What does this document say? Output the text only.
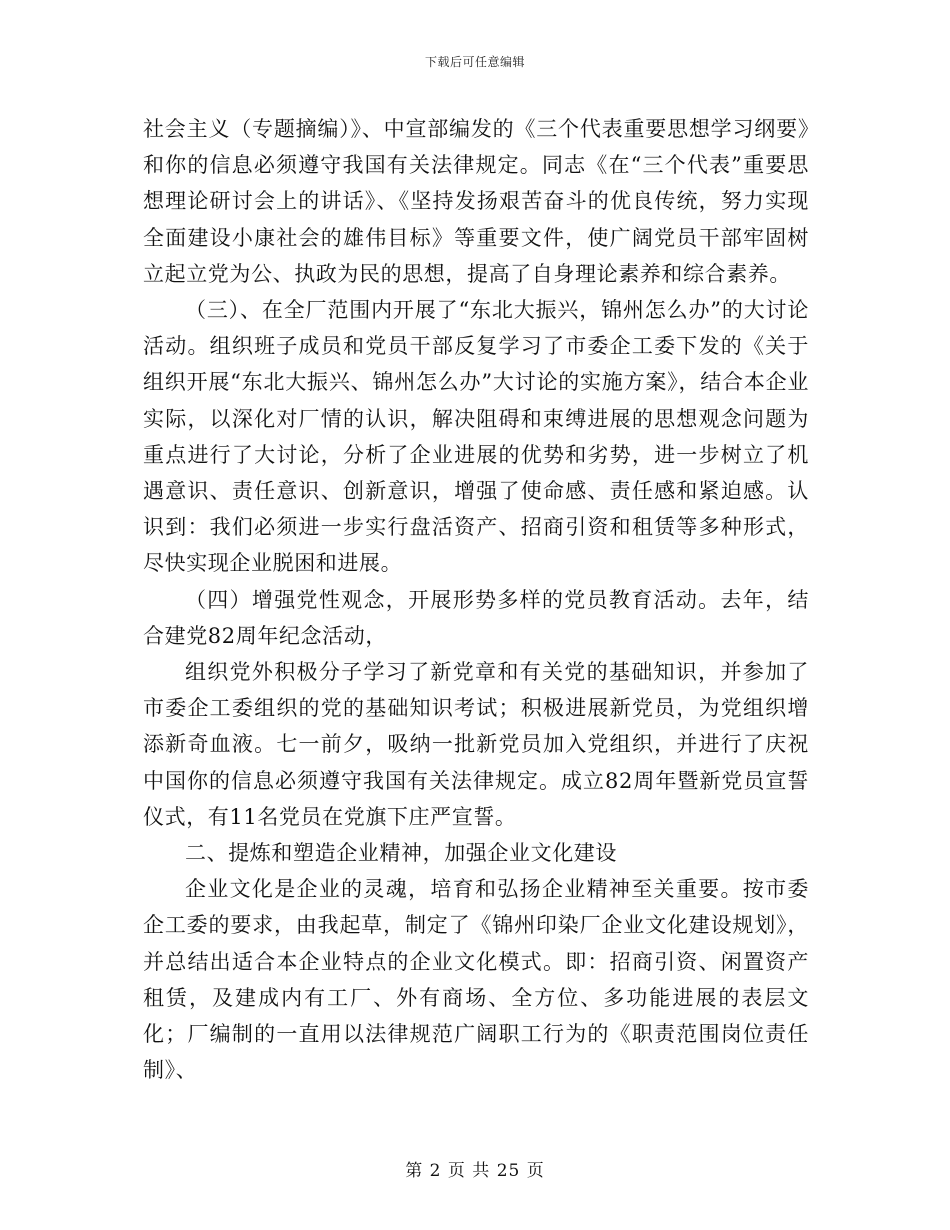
下载后可任意编辑

社会主义（专题摘编）》、中宣部编发的《三个代表重要思想学习纲要》和你的信息必须遵守我国有关法律规定。同志《在“三个代表”重要思想理论研讨会上的讲话》、《坚持发扬艰苦奋斗的优良传统，努力实现全面建设小康社会的雄伟目标》等重要文件，使广阔党员干部牢固树立起立党为公、执政为民的思想，提高了自身理论素养和综合素养。

（三）、在全厂范围内开展了“东北大振兴，锦州怎么办”的大讨论活动。组织班子成员和党员干部反复学习了市委企工委下发的《关于组织开展“东北大振兴、锦州怎么办”大讨论的实施方案》，结合本企业实际，以深化对厂情的认识，解决阻碍和束缚进展的思想观念问题为重点进行了大讨论，分析了企业进展的优势和劣势，进一步树立了机遇意识、责任意识、创新意识，增强了使命感、责任感和紧迫感。认识到：我们必须进一步实行盘活资产、招商引资和租赁等多种形式，尽快实现企业脱困和进展。

（四）增强党性观念，开展形势多样的党员教育活动。去年，结合建党82周年纪念活动，

组织党外积极分子学习了新党章和有关党的基础知识，并参加了市委企工委组织的党的基础知识考试；积极进展新党员，为党组织增添新奇血液。七一前夕，吸纳一批新党员加入党组织，并进行了庆祝中国你的信息必须遵守我国有关法律规定。成立82周年暨新党员宣誓仪式，有11名党员在党旗下庄严宣誓。

二、提炼和塑造企业精神，加强企业文化建设

企业文化是企业的灵魂，培育和弘扬企业精神至关重要。按市委企工委的要求，由我起草，制定了《锦州印染厂企业文化建设规划》，并总结出适合本企业特点的企业文化模式。即：招商引资、闲置资产租赁，及建成内有工厂、外有商场、全方位、多功能进展的表层文化；厂编制的一直用以法律规范广阔职工行为的《职责范围岗位责任制》、

第 2 页 共 25 页
